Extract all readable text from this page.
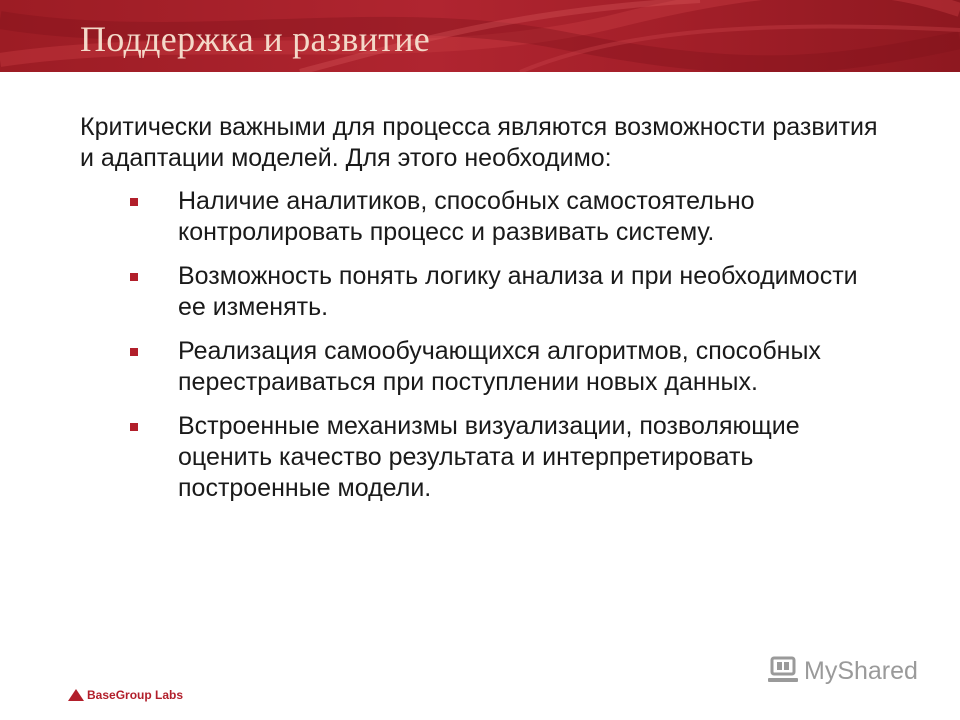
Поддержка и развитие

Критически важными для процесса являются возможности развития и адаптации моделей. Для этого необходимо:

Наличие аналитиков, способных самостоятельно контролировать процесс и развивать систему.
Возможность понять логику анализа и при необходимости ее изменять.
Реализация самообучающихся алгоритмов, способных перестраиваться при поступлении новых данных.
Встроенные механизмы визуализации, позволяющие оценить качество результата и интерпретировать построенные модели.
BaseGroup Labs
MyShared
